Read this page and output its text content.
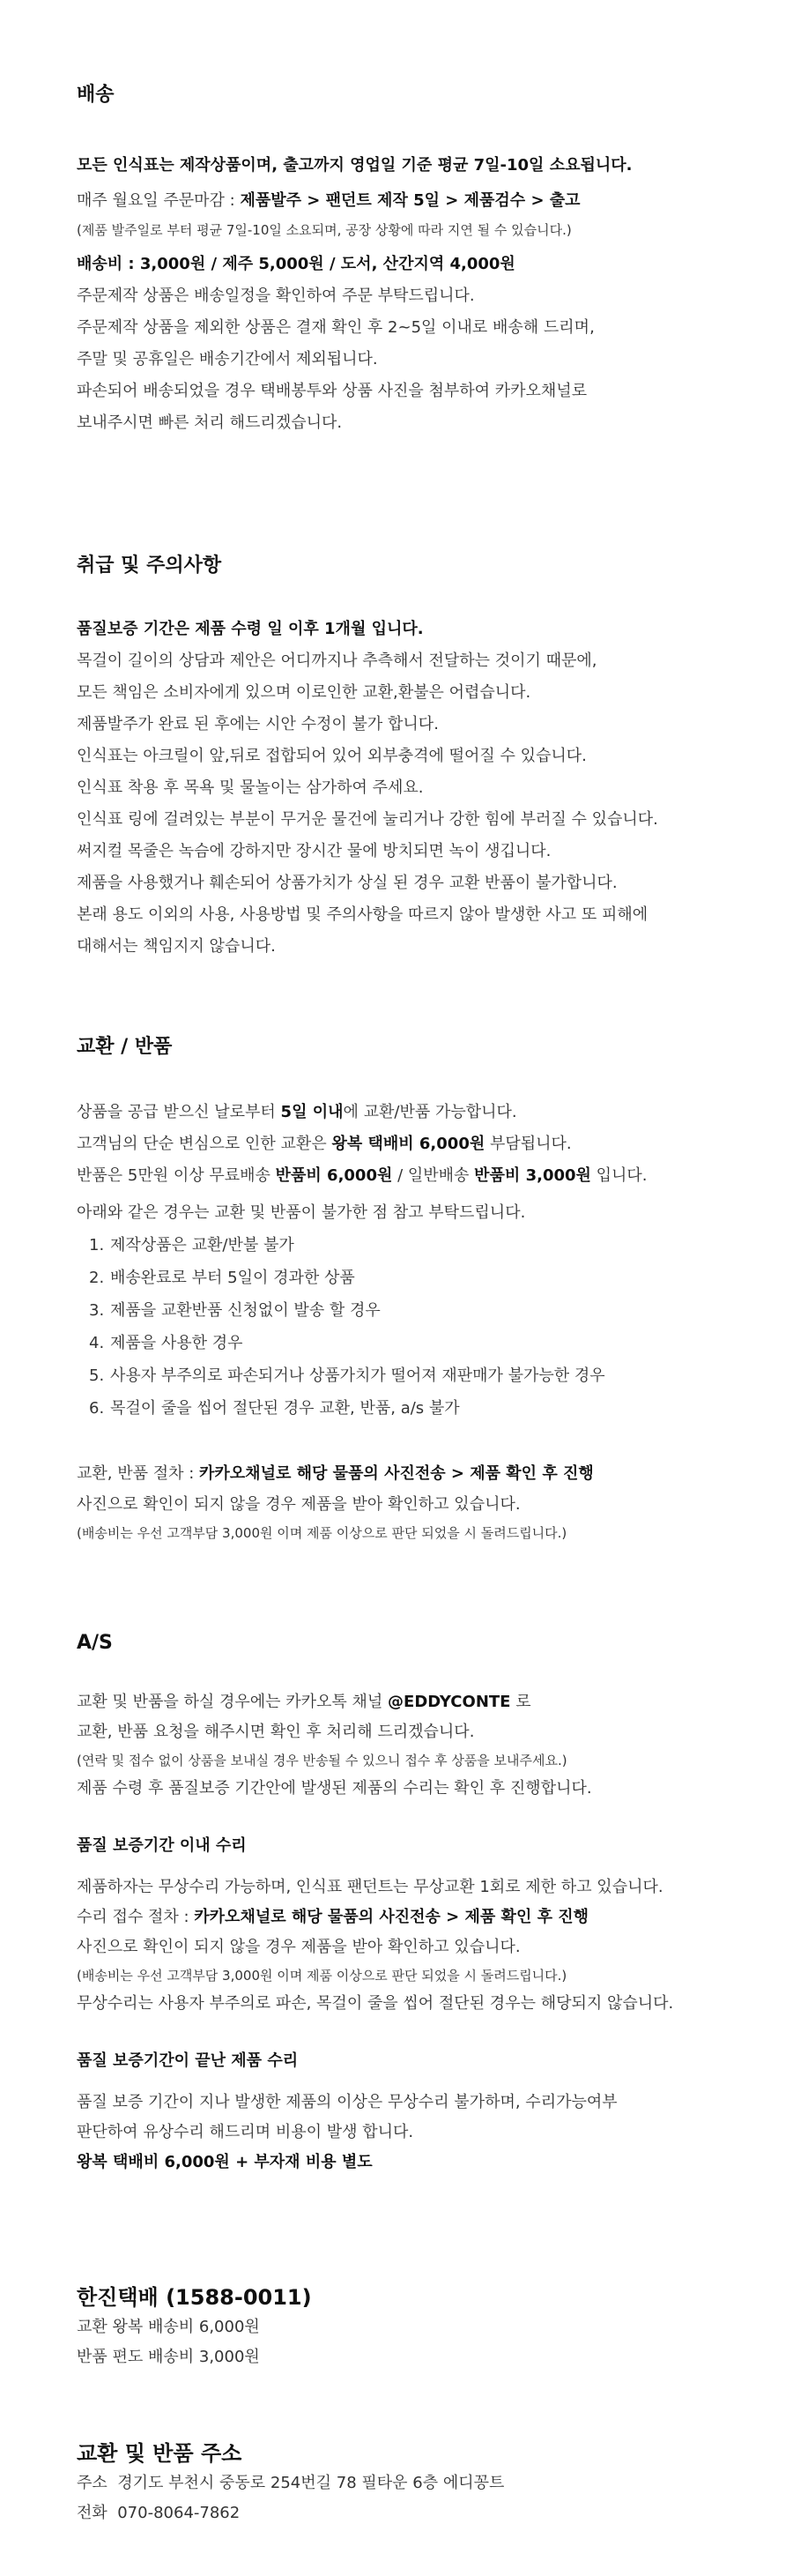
배송

모든 인식표는 제작상품이며, 출고까지 영업일 기준 평균 7일-10일 소요됩니다.

매주 월요일 주문마감 : 제품발주 > 팬던트 제작 5일 > 제품검수 > 출고

(제품 발주일로 부터 평균 7일-10일 소요되며, 공장 상황에 따라 지연 될 수 있습니다.)

배송비 : 3,000원 / 제주 5,000원 / 도서, 산간지역 4,000원

주문제작 상품은 배송일정을 확인하여 주문 부탁드립니다.

주문제작 상품을 제외한 상품은 결재 확인 후 2~5일 이내로 배송해 드리며,

주말 및 공휴일은 배송기간에서 제외됩니다.

파손되어 배송되었을 경우 택배봉투와 상품 사진을 첨부하여 카카오채널로

보내주시면 빠른 처리 해드리겠습니다.

취급 및 주의사항

품질보증 기간은 제품 수령 일 이후 1개월 입니다.

목걸이 길이의 상담과 제안은 어디까지나 추측해서 전달하는 것이기 때문에,

모든 책임은 소비자에게 있으며 이로인한 교환,환불은 어렵습니다.

제품발주가 완료 된 후에는 시안 수정이 불가 합니다.

인식표는 아크릴이 앞,뒤로 접합되어 있어 외부충격에 떨어질 수 있습니다.

인식표 착용 후 목욕 및 물놀이는 삼가하여 주세요.

인식표 링에 걸려있는 부분이 무거운 물건에 눌리거나 강한 힘에 부러질 수 있습니다.

써지컬 목줄은 녹슴에 강하지만 장시간 물에 방치되면 녹이 생깁니다.

제품을 사용했거나 훼손되어 상품가치가 상실 된 경우 교환 반품이 불가합니다.

본래 용도 이외의 사용, 사용방법 및 주의사항을 따르지 않아 발생한 사고 또 피해에

대해서는 책임지지 않습니다.

교환 / 반품

상품을 공급 받으신 날로부터 5일 이내에 교환/반품 가능합니다.

고객님의 단순 변심으로 인한 교환은 왕복 택배비 6,000원 부담됩니다.

반품은 5만원 이상 무료배송 반품비 6,000원 / 일반배송 반품비 3,000원 입니다.

아래와 같은 경우는 교환 및 반품이 불가한 점 참고 부탁드립니다.

1. 제작상품은 교환/반불 불가
2. 배송완료로 부터 5일이 경과한 상품
3. 제품을 교환반품 신청없이 발송 할 경우
4. 제품을 사용한 경우
5. 사용자 부주의로 파손되거나 상품가치가 떨어져 재판매가 불가능한 경우
6. 목걸이 줄을 씹어 절단된 경우 교환, 반품, a/s 불가

교환, 반품 절차 : 카카오채널로 해당 물품의 사진전송 > 제품 확인 후 진행

사진으로 확인이 되지 않을 경우 제품을 받아 확인하고 있습니다.

(배송비는 우선 고객부담 3,000원 이며 제품 이상으로 판단 되었을 시 돌려드립니다.)

A/S

교환 및 반품을 하실 경우에는 카카오톡 채널 @EDDYCONTE 로

교환, 반품 요청을 해주시면 확인 후 처리해 드리겠습니다.

(연락 및 접수 없이 상품을 보내실 경우 반송될 수 있으니 접수 후 상품을 보내주세요.)

제품 수령 후 품질보증 기간안에 발생된 제품의 수리는 확인 후 진행합니다.

품질 보증기간 이내 수리

제품하자는 무상수리 가능하며, 인식표 팬던트는 무상교환 1회로 제한 하고 있습니다.

수리 접수 절차 : 카카오채널로 해당 물품의 사진전송 > 제품 확인 후 진행

사진으로 확인이 되지 않을 경우 제품을 받아 확인하고 있습니다.

(배송비는 우선 고객부담 3,000원 이며 제품 이상으로 판단 되었을 시 돌려드립니다.)

무상수리는 사용자 부주의로 파손, 목걸이 줄을 씹어 절단된 경우는 해당되지 않습니다.

품질 보증기간이 끝난 제품 수리

품질 보증 기간이 지나 발생한 제품의 이상은 무상수리 불가하며, 수리가능여부

판단하여 유상수리 해드리며 비용이 발생 합니다.

왕복 택배비 6,000원 + 부자재 비용 별도

한진택배 (1588-0011)

교환 왕복 배송비 6,000원

반품 편도 배송비 3,000원

교환 및 반품 주소

주소 경기도 부천시 중동로 254번길 78 필타운 6층 에디꽁트

전화 070-8064-7862
